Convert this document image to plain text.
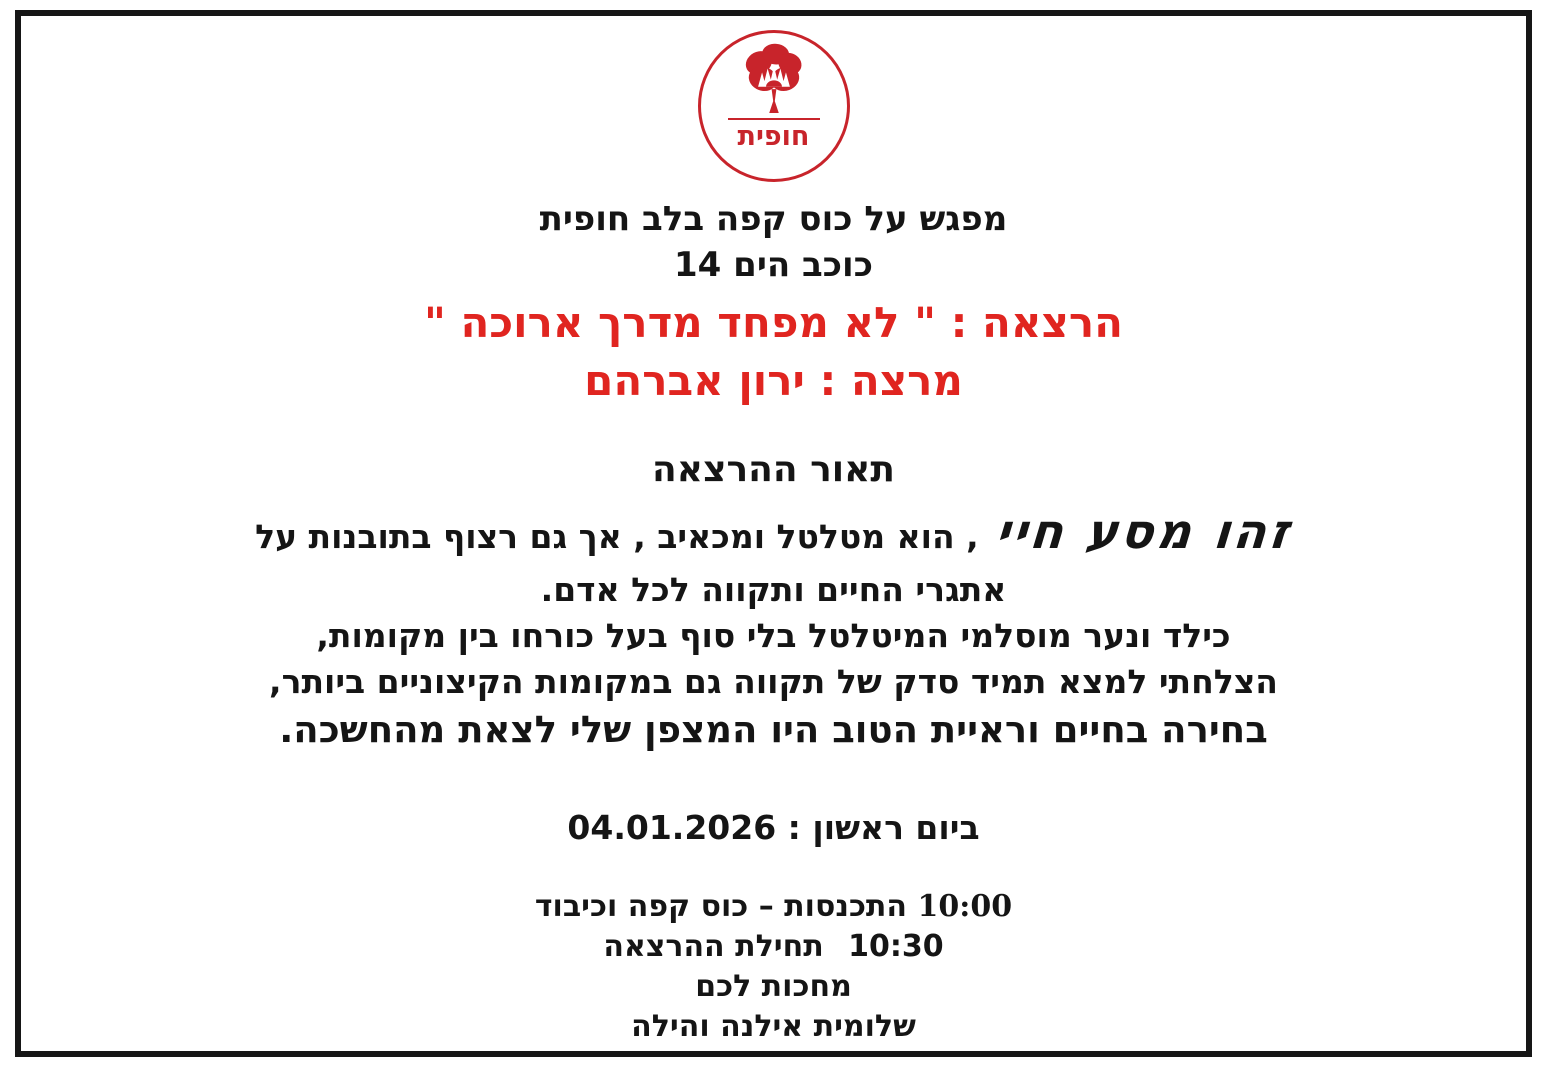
חופית
מפגש על כוס קפה בלב חופית
כוכב הים 14
הרצאה : " לא מפחד מדרך ארוכה "
מרצה : ירון אברהם
תאור ההרצאה
זהו מסע חיי , הוא מטלטל ומכאיב , אך גם רצוף בתובנות על
אתגרי החיים ותקווה לכל אדם.
כילד ונער מוסלמי המיטלטל בלי סוף בעל כורחו בין מקומות,
הצלחתי למצא תמיד סדק של תקווה גם במקומות הקיצוניים ביותר,
בחירה בחיים וראיית הטוב היו המצפן שלי לצאת מהחשכה.
ביום ראשון : 04.01.2026
10:00 התכנסות – כוס קפה וכיבוד
10:30 תחילת ההרצאה
מחכות לכם
שלומית אילנה והילה
